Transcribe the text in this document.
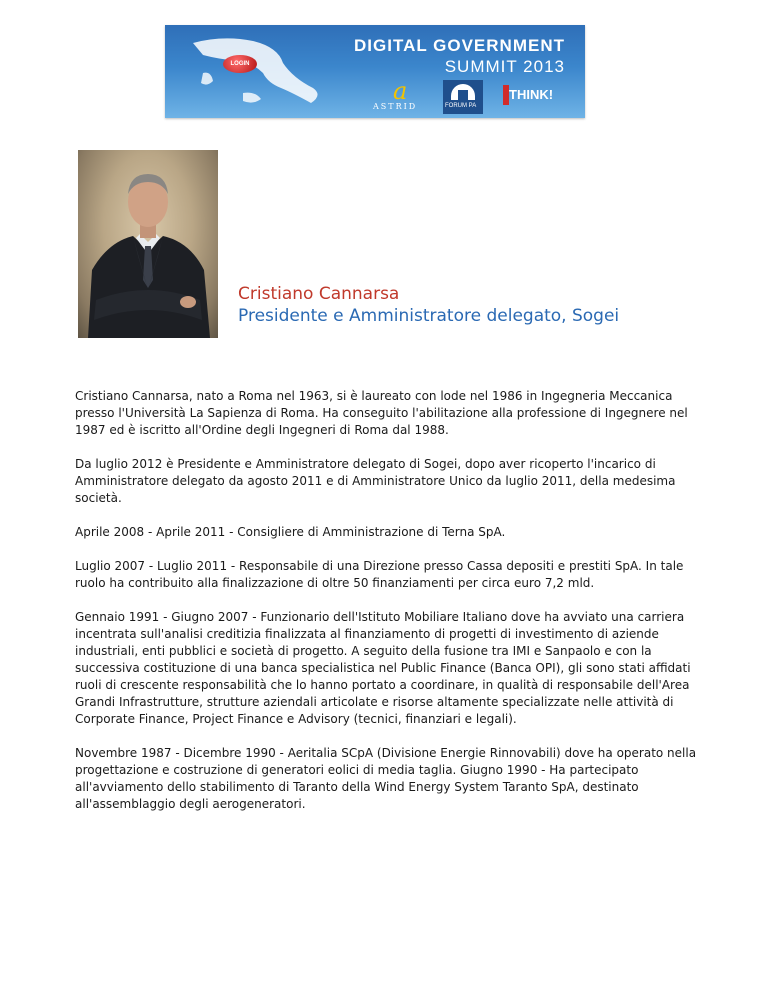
LOGIN
DIGITAL GOVERNMENT
SUMMIT 2013
a
ASTRID	FORUM PA
THINK!
Cristiano Cannarsa
Presidente e Amministratore delegato, Sogei

Cristiano Cannarsa, nato a Roma nel 1963, si è laureato con lode nel 1986 in Ingegneria Meccanica presso l'Università La Sapienza di Roma. Ha conseguito l'abilitazione alla professione di Ingegnere nel 1987 ed è iscritto all'Ordine degli Ingegneri di Roma dal 1988.

Da luglio 2012 è Presidente e Amministratore delegato di Sogei, dopo aver ricoperto l'incarico di Amministratore delegato da agosto 2011 e di Amministratore Unico da luglio 2011, della medesima società.

Aprile 2008 - Aprile 2011 - Consigliere di Amministrazione di Terna SpA.

Luglio 2007 - Luglio 2011 - Responsabile di una Direzione presso Cassa depositi e prestiti SpA. In tale ruolo ha contribuito alla finalizzazione di oltre 50 finanziamenti per circa euro 7,2 mld.

Gennaio 1991 - Giugno 2007 - Funzionario dell'Istituto Mobiliare Italiano dove ha avviato una carriera incentrata sull'analisi creditizia finalizzata al finanziamento di progetti di investimento di aziende industriali, enti pubblici e società di progetto. A seguito della fusione tra IMI e Sanpaolo e con la successiva costituzione di una banca specialistica nel Public Finance (Banca OPI), gli sono stati affidati ruoli di crescente responsabilità che lo hanno portato a coordinare, in qualità di responsabile dell'Area Grandi Infrastrutture, strutture aziendali articolate e risorse altamente specializzate nelle attività di Corporate Finance, Project Finance e Advisory (tecnici, finanziari e legali).

Novembre 1987 - Dicembre 1990 - Aeritalia SCpA (Divisione Energie Rinnovabili) dove ha operato nella progettazione e costruzione di generatori eolici di media taglia. Giugno 1990 - Ha partecipato all'avviamento dello stabilimento di Taranto della Wind Energy System Taranto SpA, destinato all'assemblaggio degli aerogeneratori.
